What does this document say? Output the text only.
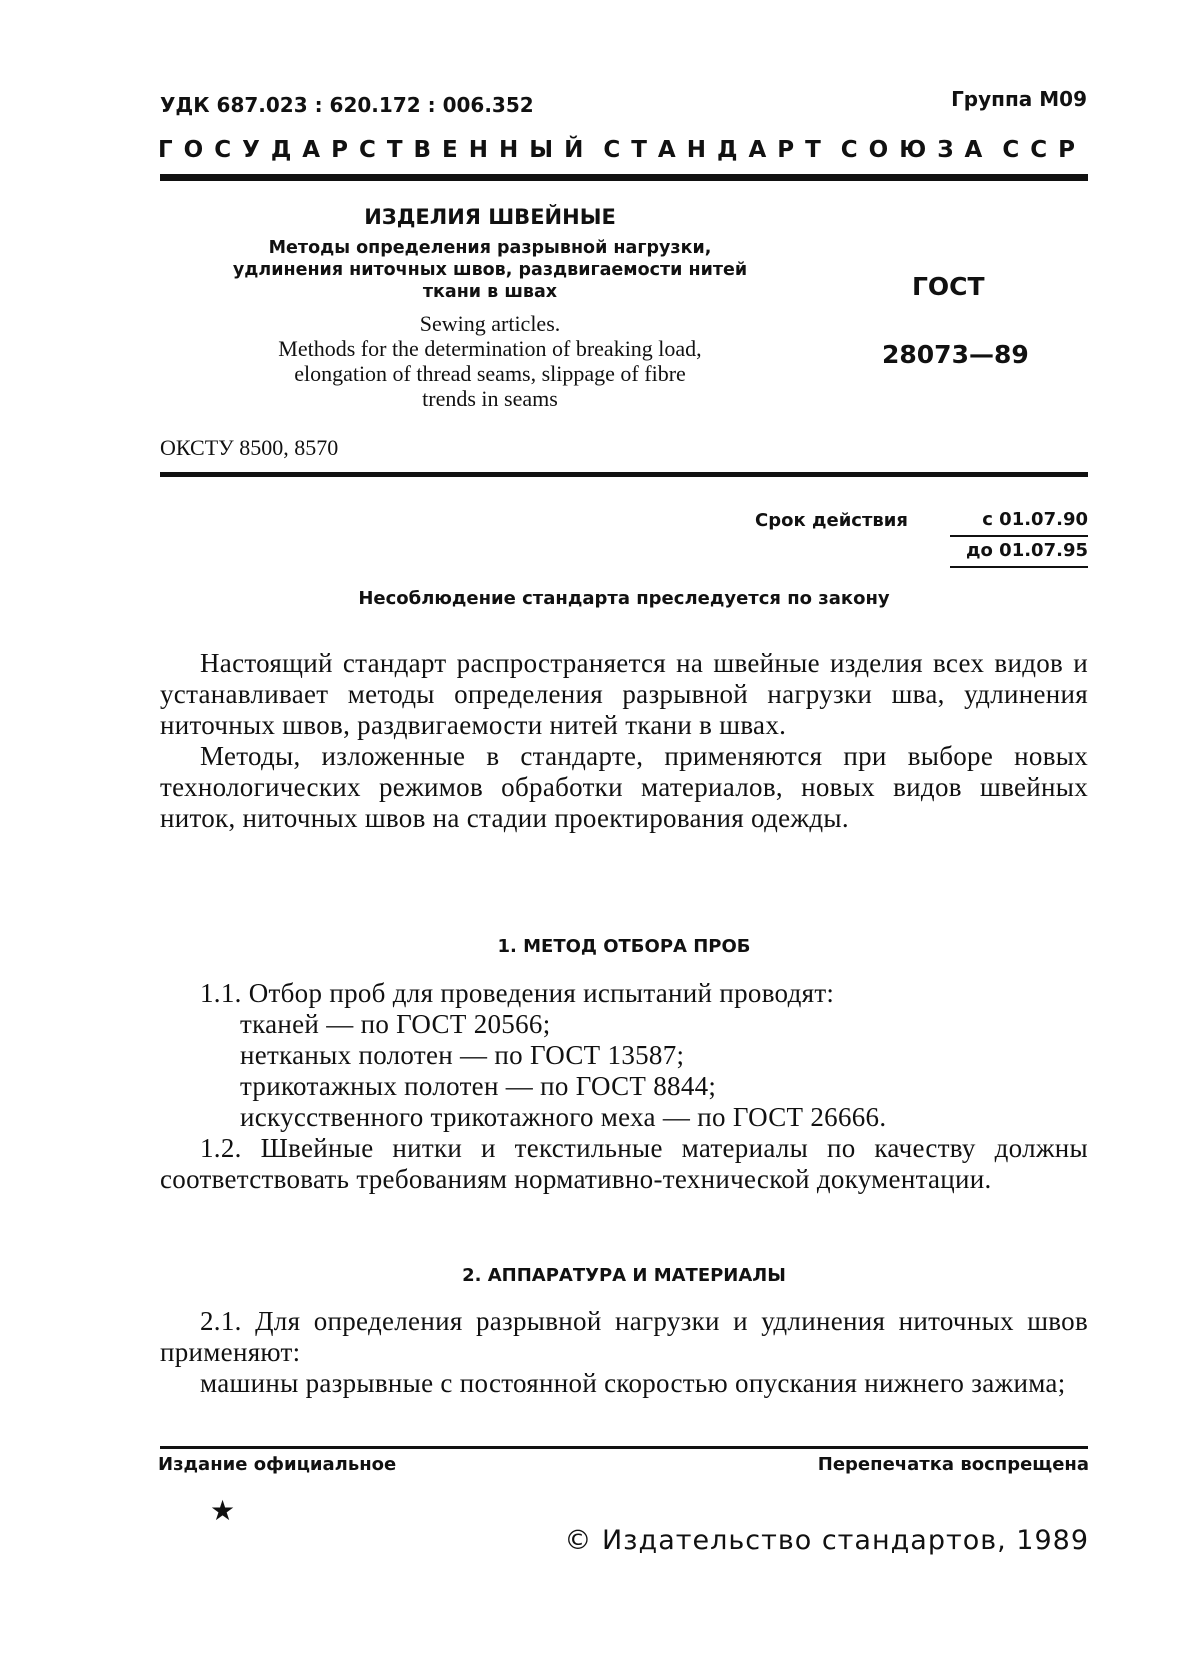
УДК 687.023 : 620.172 : 006.352	Группа М09
ГОСУДАРСТВЕННЫЙ СТАНДАРТ СОЮЗА ССР
ИЗДЕЛИЯ ШВЕЙНЫЕ
Методы определения разрывной нагрузки,
удлинения ниточных швов, раздвигаемости нитей
ткани в швах
Sewing articles.
Methods for the determination of breaking load,
elongation of thread seams, slippage of fibre
trends in seams
ОКСТУ 8500, 8570
ГОСТ
28073—89
Срок действия	с 01.07.90
до 01.07.95
Несоблюдение стандарта преследуется по закону

Настоящий стандарт распространяется на швейные изделия всех видов и устанавливает методы определения разрывной нагрузки шва, удлинения ниточных швов, раздвигаемости нитей ткани в швах.

Методы, изложенные в стандарте, применяются при выборе новых технологических режимов обработки материалов, новых видов швейных ниток, ниточных швов на стадии проектирования одежды.

1. МЕТОД ОТБОРА ПРОБ

1.1. Отбор проб для проведения испытаний проводят:

тканей — по ГОСТ 20566;

нетканых полотен — по ГОСТ 13587;

трикотажных полотен — по ГОСТ 8844;

искусственного трикотажного меха — по ГОСТ 26666.

1.2. Швейные нитки и текстильные материалы по качеству должны соответствовать требованиям нормативно-технической документации.

2. АППАРАТУРА И МАТЕРИАЛЫ

2.1. Для определения разрывной нагрузки и удлинения ниточных швов применяют:

машины разрывные с постоянной скоростью опускания нижнего зажима;

Издание официальное	Перепечатка воспрещена
★
© Издательство стандартов, 1989
